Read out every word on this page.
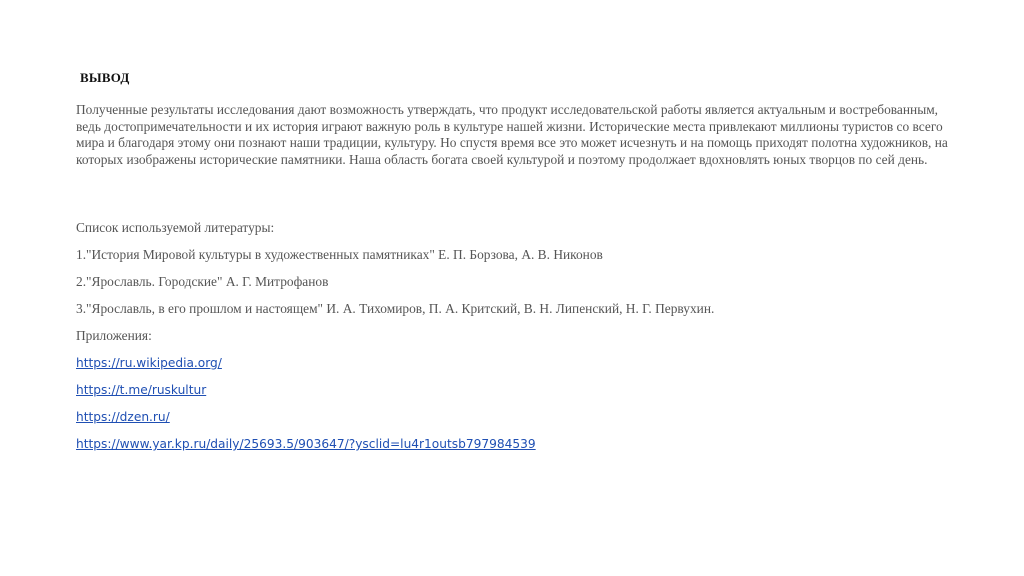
ВЫВОД

Полученные результаты исследования дают возможность утверждать, что продукт исследовательской работы является актуальным и востребованным, ведь достопримечательности и их история играют важную роль в культуре нашей жизни. Исторические места привлекают миллионы туристов со всего мира и благодаря этому они познают наши традиции, культуру. Но спустя время все это может исчезнуть и на помощь приходят полотна художников, на которых изображены исторические памятники. Наша область богата своей культурой и поэтому продолжает вдохновлять юных творцов по сей день.

Список используемой литературы:
1."История Мировой культуры в художественных памятниках" Е. П. Борзова, А. В. Никонов
2."Ярославль. Городские" А. Г. Митрофанов
3."Ярославль, в его прошлом и настоящем" И. А. Тихомиров, П. А. Критский, В. Н. Липенский, Н. Г. Первухин.
Приложения:
https://ru.wikipedia.org/
https://t.me/ruskultur
https://dzen.ru/
https://www.yar.kp.ru/daily/25693.5/903647/?ysclid=lu4r1outsb797984539
